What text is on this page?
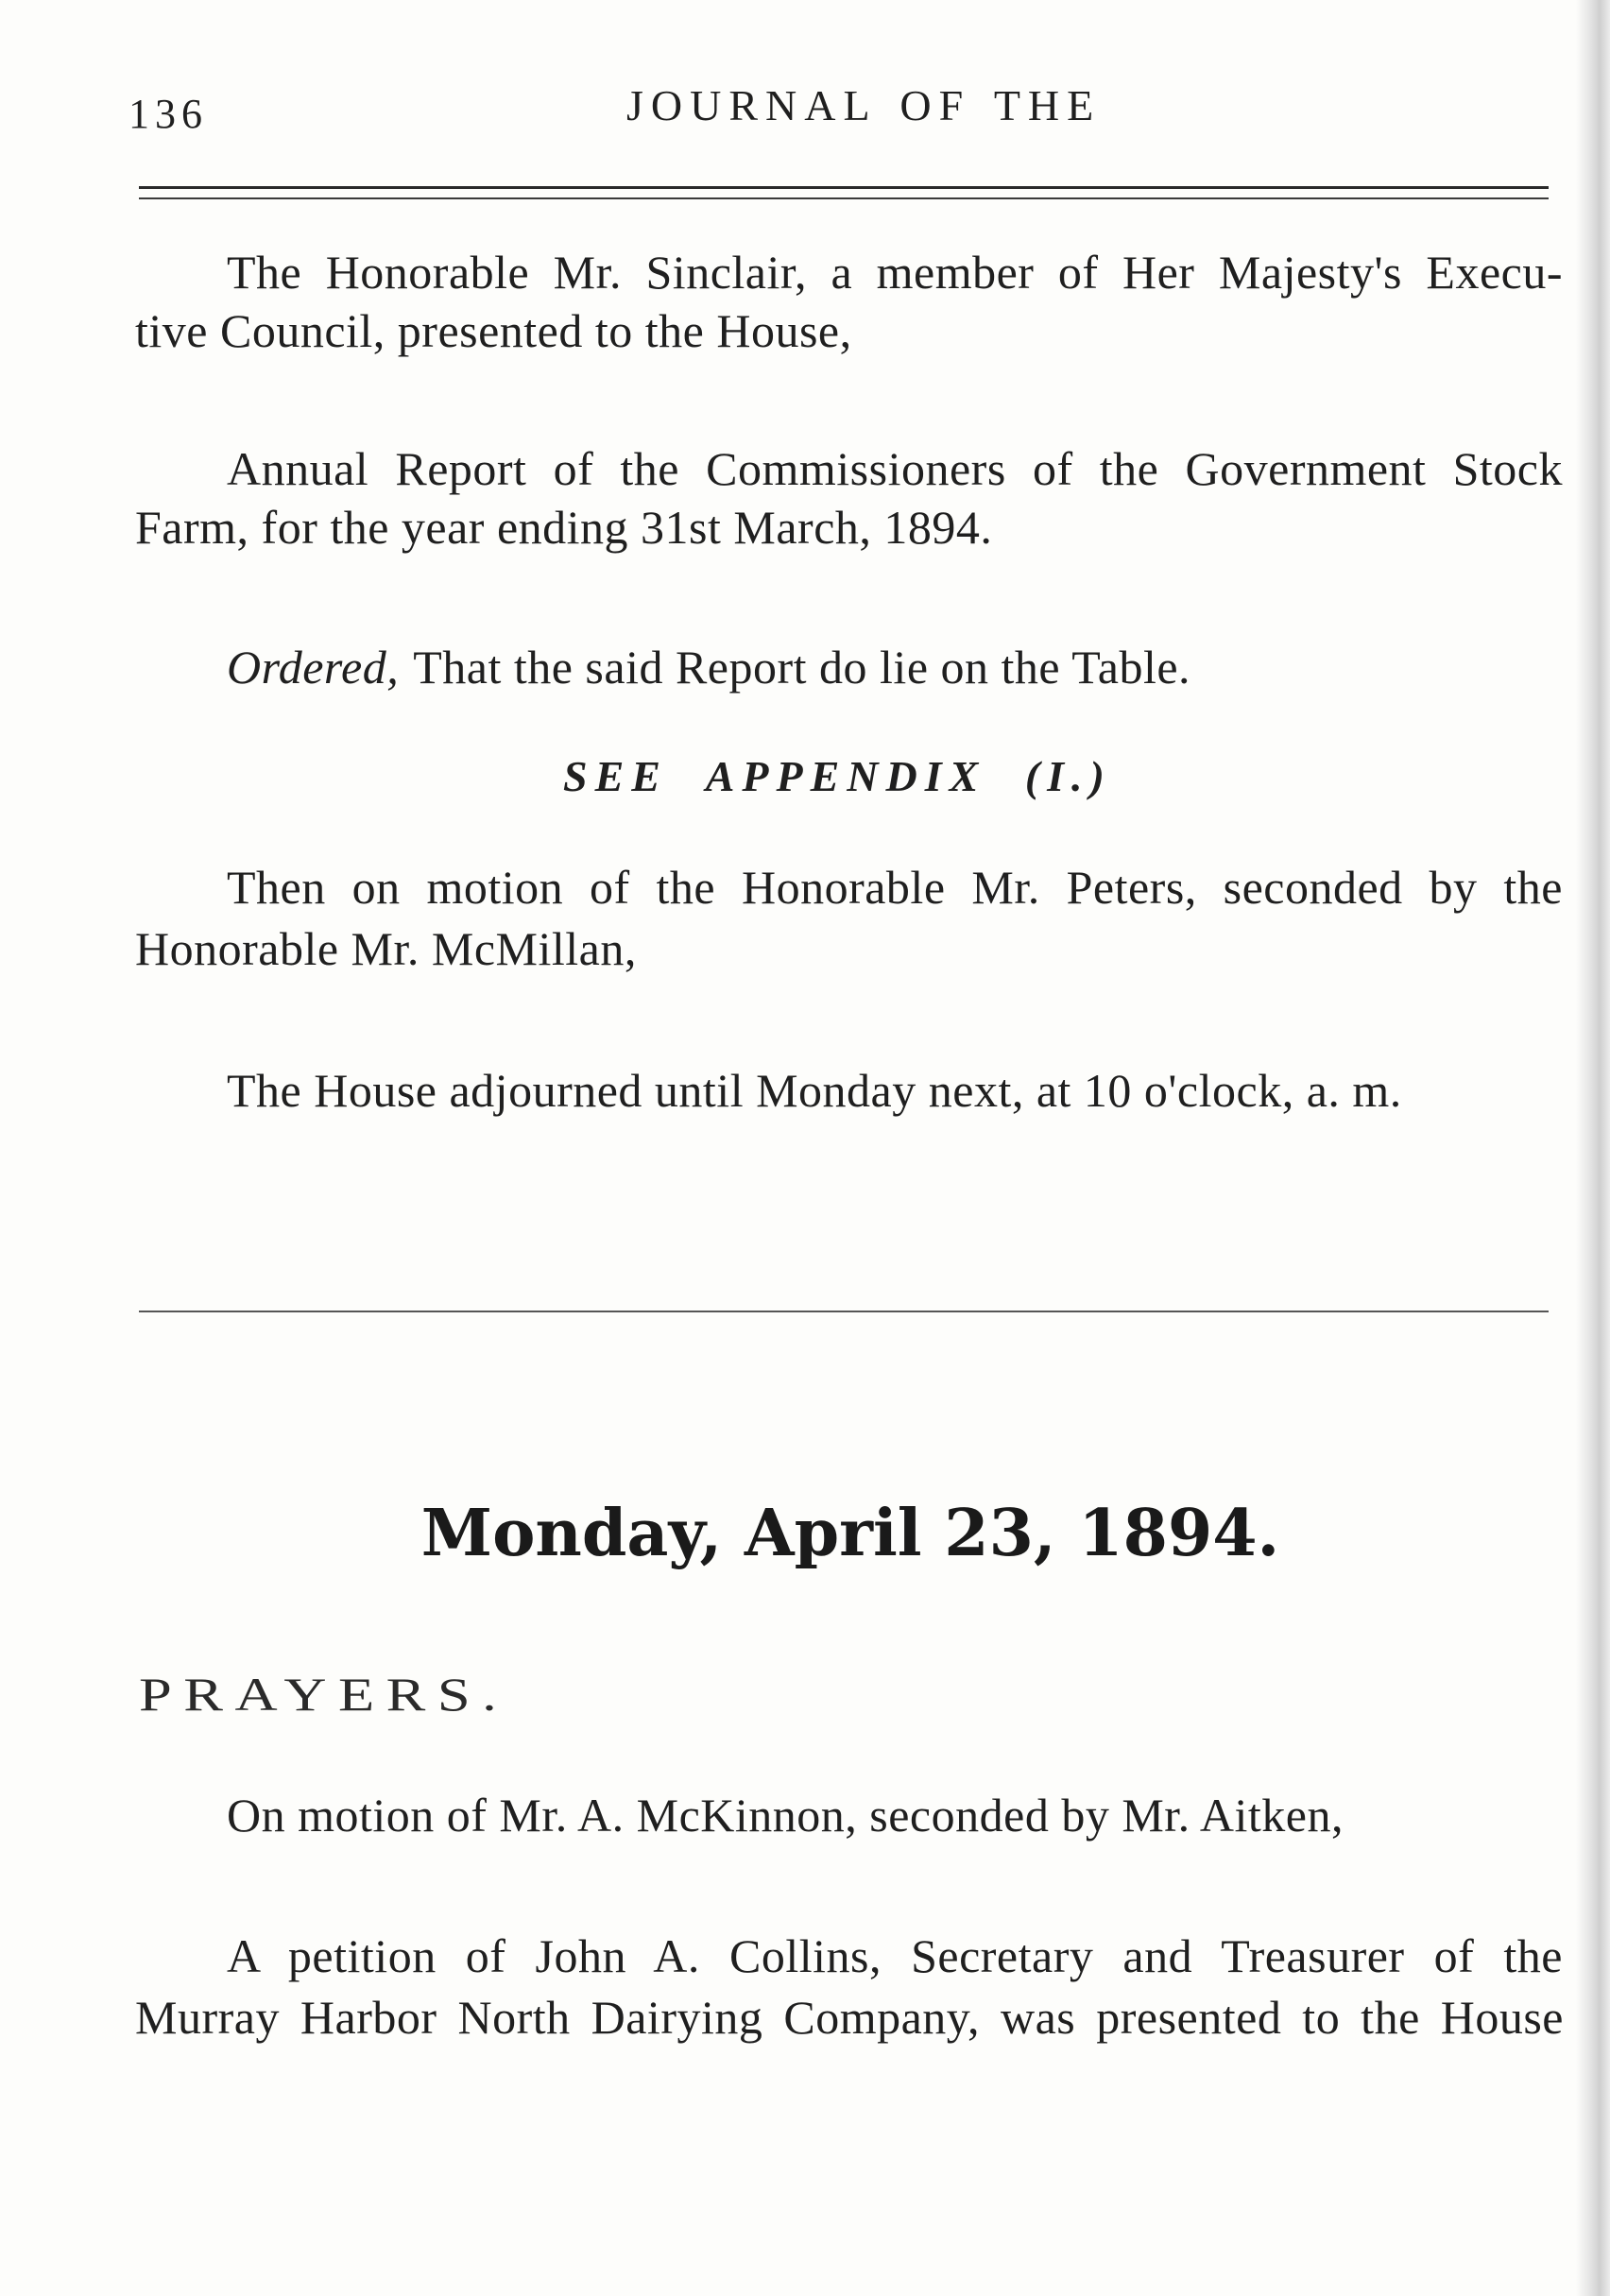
136	JOURNAL OF THE
The Honorable Mr. Sinclair, a member of Her Majesty's Execu-
tive Council, presented to the House,
Annual Report of the Commissioners of the Government Stock
Farm, for the year ending 31st March, 1894.
Ordered, That the said Report do lie on the Table.
SEE APPENDIX (I.)
Then on motion of the Honorable Mr. Peters, seconded by the
Honorable Mr. McMillan,
The House adjourned until Monday next, at 10 o'clock, a. m.
Monday, April 23, 1894.
PRAYERS.
On motion of Mr. A. McKinnon, seconded by Mr. Aitken,
A petition of John A. Collins, Secretary and Treasurer of the
Murray Harbor North Dairying Company, was presented to the House
